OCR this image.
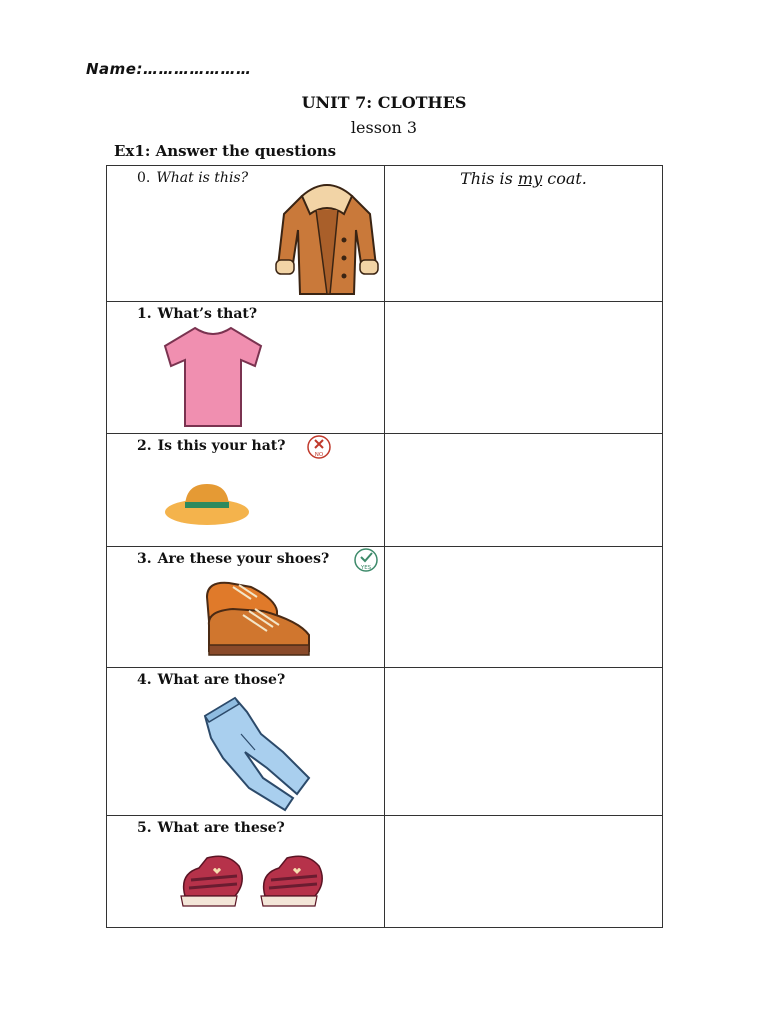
Name:…………………
UNIT 7: CLOTHES
lesson 3
Ex1: Answer the questions
0. What is this?	This is my coat.

1. What’s that?	

2. Is this your hat?
NO	

3. Are these your shoes?
YES	

4. What are those?	

5. What are these?	
